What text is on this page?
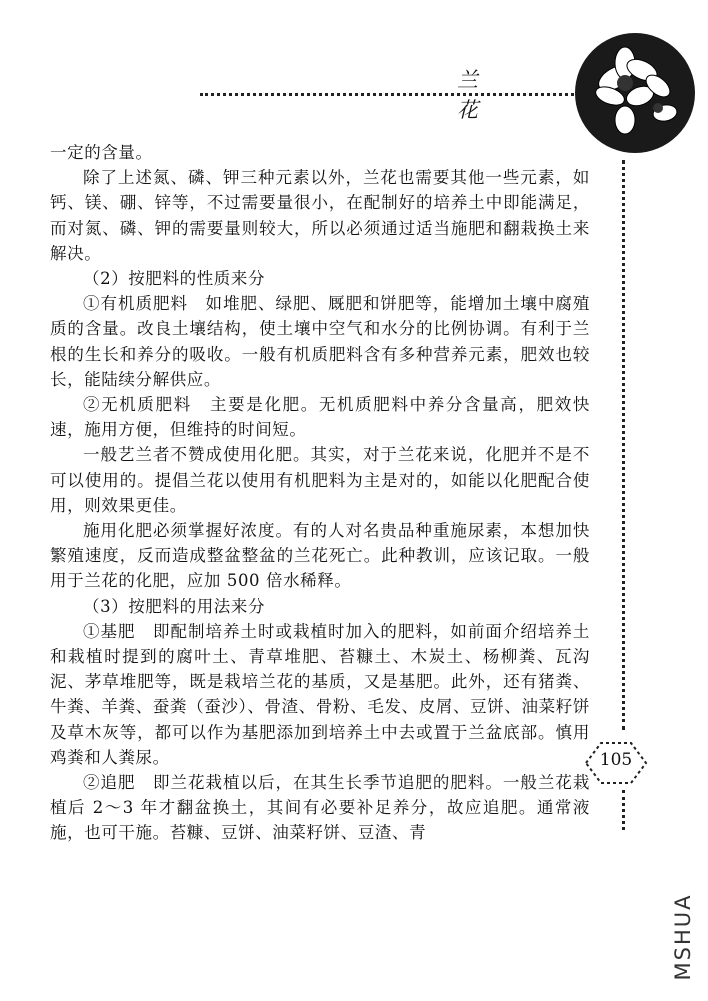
兰 花
105

一定的含量。

除了上述氮、磷、钾三种元素以外，兰花也需要其他一些元素，如钙、镁、硼、锌等，不过需要量很小，在配制好的培养土中即能满足，而对氮、磷、钾的需要量则较大，所以必须通过适当施肥和翻栽换土来解决。

（2）按肥料的性质来分

①有机质肥料　如堆肥、绿肥、厩肥和饼肥等，能增加土壤中腐殖质的含量。改良土壤结构，使土壤中空气和水分的比例协调。有利于兰根的生长和养分的吸收。一般有机质肥料含有多种营养元素，肥效也较长，能陆续分解供应。

②无机质肥料　主要是化肥。无机质肥料中养分含量高，肥效快速，施用方便，但维持的时间短。

一般艺兰者不赞成使用化肥。其实，对于兰花来说，化肥并不是不可以使用的。提倡兰花以使用有机肥料为主是对的，如能以化肥配合使用，则效果更佳。

施用化肥必须掌握好浓度。有的人对名贵品种重施尿素，本想加快繁殖速度，反而造成整盆整盆的兰花死亡。此种教训，应该记取。一般用于兰花的化肥，应加 500 倍水稀释。

（3）按肥料的用法来分

①基肥　即配制培养土时或栽植时加入的肥料，如前面介绍培养土和栽植时提到的腐叶土、青草堆肥、苔糠土、木炭土、杨柳粪、瓦沟泥、茅草堆肥等，既是栽培兰花的基质，又是基肥。此外，还有猪粪、牛粪、羊粪、蚕粪（蚕沙）、骨渣、骨粉、毛发、皮屑、豆饼、油菜籽饼及草木灰等，都可以作为基肥添加到培养土中去或置于兰盆底部。慎用鸡粪和人粪尿。

②追肥　即兰花栽植以后，在其生长季节追肥的肥料。一般兰花栽植后 2～3 年才翻盆换土，其间有必要补足养分，故应追肥。通常液施，也可干施。苔糠、豆饼、油菜籽饼、豆渣、青

MSHUA
